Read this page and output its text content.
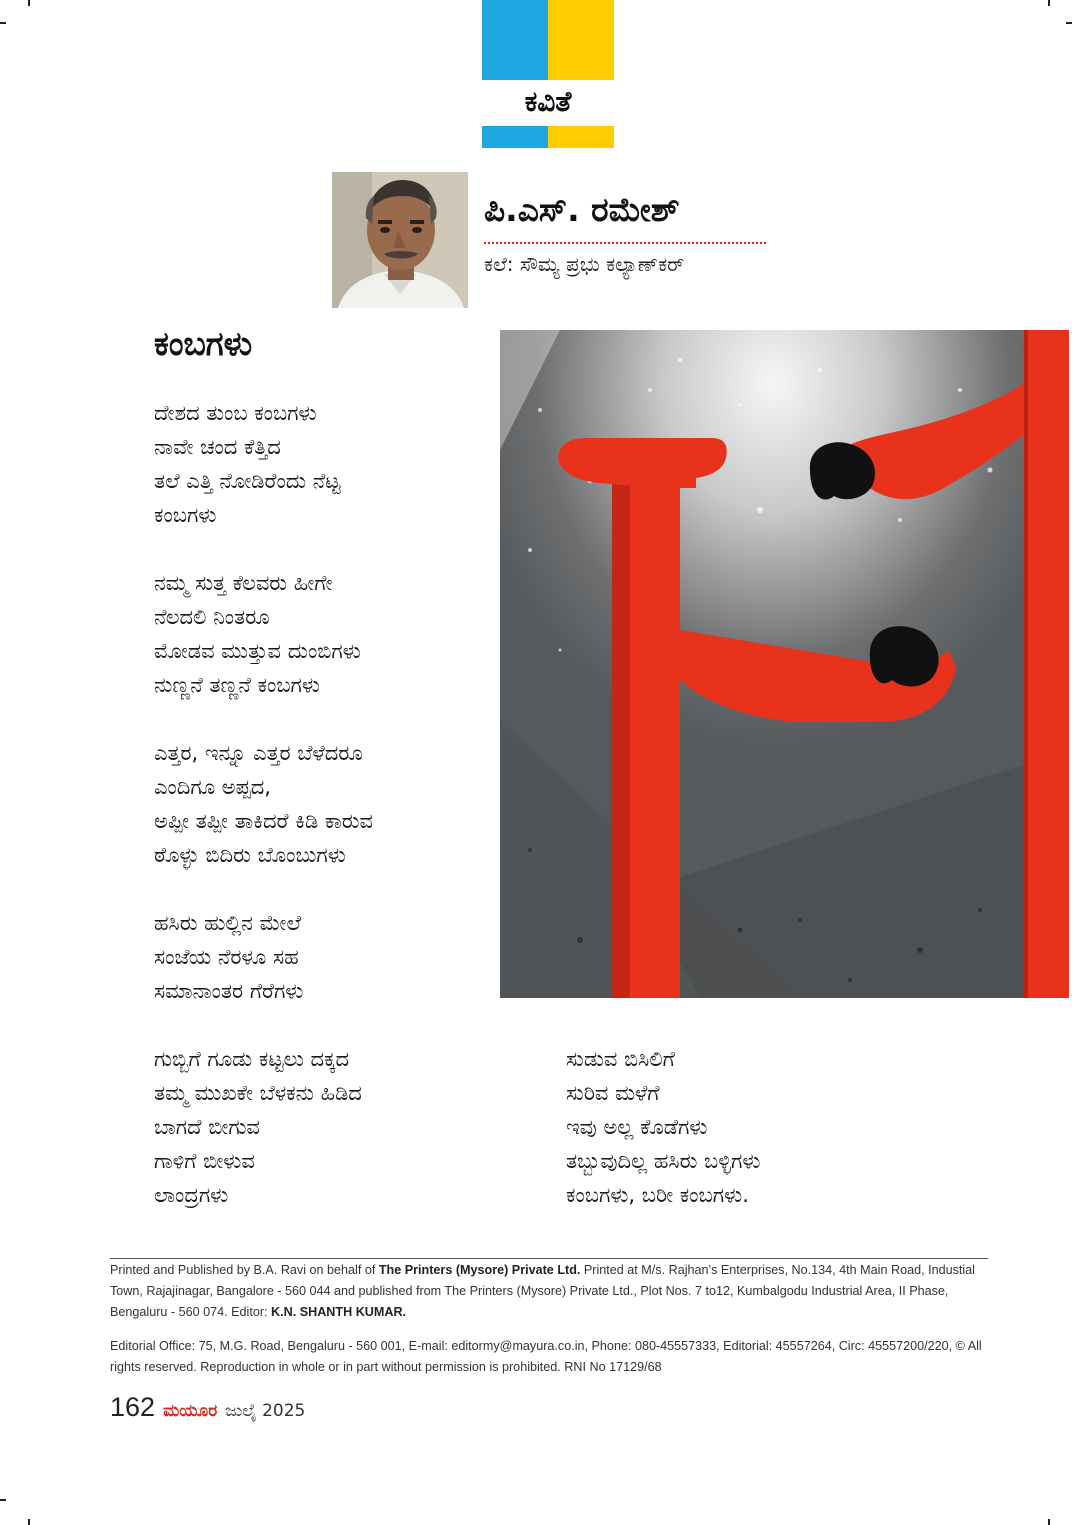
ಕವಿತೆ
ಪಿ.ಎಸ್‌. ರಮೇಶ್
ಕಲೆ: ಸೌಮ್ಯ ಪ್ರಭು ಕಲ್ಯಾಣ್‌ಕರ್
ಕಂಬಗಳು
ದೇಶದ ತುಂಬ ಕಂಬಗಳು
ನಾವೇ ಚಂದ ಕೆತ್ತಿದ
ತಲೆ ಎತ್ತಿ ನೋಡಿರೆಂದು ನೆಟ್ಟ
ಕಂಬಗಳು
ನಮ್ಮ ಸುತ್ತ ಕೆಲವರು ಹೀಗೇ
ನೆಲದಲಿ ನಿಂತರೂ
ಮೋಡವ ಮುತ್ತುವ ದುಂಬಿಗಳು
ನುಣ್ಣನೆ ತಣ್ಣನೆ ಕಂಬಗಳು
ಎತ್ತರ, ಇನ್ನೂ ಎತ್ತರ ಬೆಳೆದರೂ
ಎಂದಿಗೂ ಅಪ್ಪದ,
ಅಪ್ಪೀ ತಪ್ಪೀ ತಾಕಿದರೆ ಕಿಡಿ ಕಾರುವ
ಠೊಳ್ಳು ಬಿದಿರು ಬೊಂಬುಗಳು
ಹಸಿರು ಹುಲ್ಲಿನ ಮೇಲೆ
ಸಂಜೆಯ ನೆರಳೂ ಸಹ
ಸಮಾನಾಂತರ ಗೆರೆಗಳು
ಗುಬ್ಬಿಗೆ ಗೂಡು ಕಟ್ಟಲು ದಕ್ಕದ
ತಮ್ಮ ಮುಖಕೇ ಬೆಳಕನು ಹಿಡಿದ
ಬಾಗದೆ ಬೀಗುವ
ಗಾಳಿಗೆ ಬೀಳುವ
ಲಾಂದ್ರಗಳು
ಸುಡುವ ಬಿಸಿಲಿಗೆ
ಸುರಿವ ಮಳೆಗೆ
ಇವು ಅಲ್ಲ ಕೊಡೆಗಳು
ತಬ್ಬುವುದಿಲ್ಲ ಹಸಿರು ಬಳ್ಳಿಗಳು
ಕಂಬಗಳು, ಬರೀ ಕಂಬಗಳು.
Printed and Published by B.A. Ravi on behalf of The Printers (Mysore) Private Ltd. Printed at M/s. Rajhan’s Enterprises, No.134, 4th Main Road, Industial Town, Rajajinagar, Bangalore - 560 044 and published from The Printers (Mysore) Private Ltd., Plot Nos. 7 to12, Kumbalgodu Industrial Area, II Phase, Bengaluru - 560 074. Editor: K.N. SHANTH KUMAR.
Editorial Office: 75, M.G. Road, Bengaluru - 560 001, E-mail: editormy@mayura.co.in, Phone: 080-45557333, Editorial: 45557264, Circ: 45557200/220, © All rights reserved. Reproduction in whole or in part without permission is prohibited. RNI No 17129/68
162 ಮಯೂರ ಜುಲೈ 2025
